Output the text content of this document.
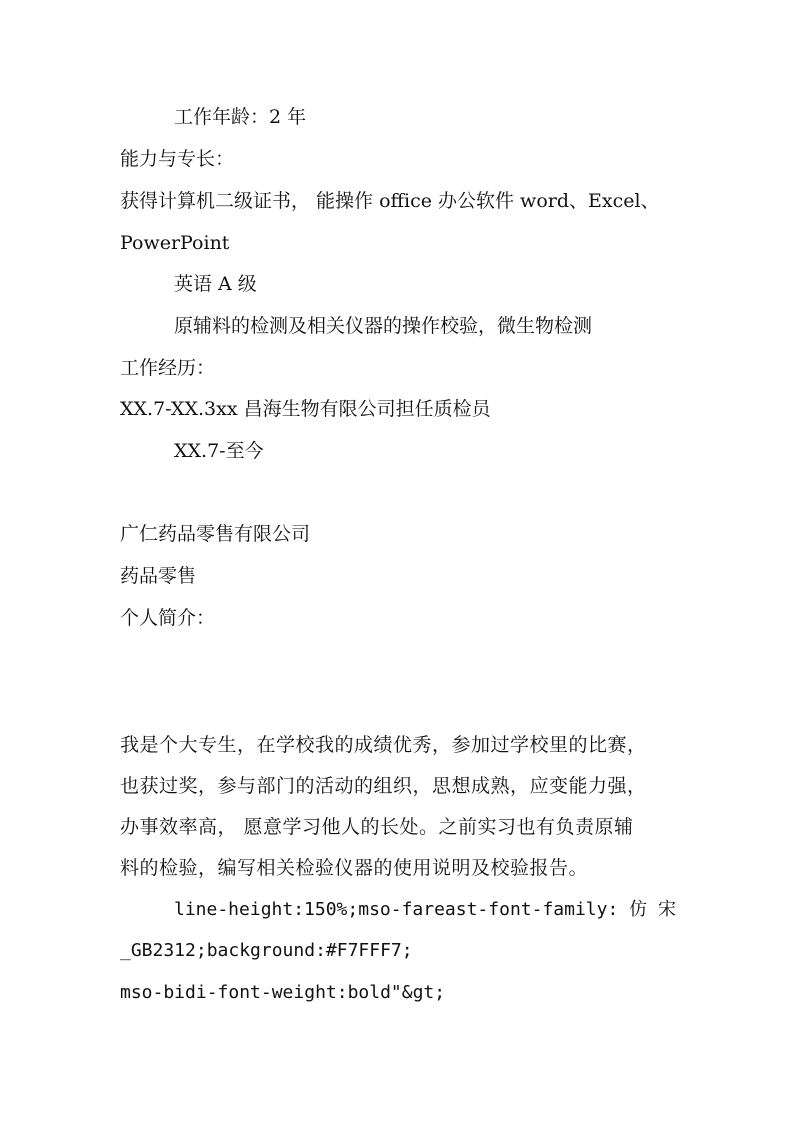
工作年龄：2 年
能力与专长：
获得计算机二级证书， 能操作 office 办公软件 word、Excel、
PowerPoint
英语 A 级
原辅料的检测及相关仪器的操作校验，微生物检测
工作经历：
XX.7-XX.3xx 昌海生物有限公司担任质检员
XX.7-至今
广仁药品零售有限公司
药品零售
个人简介：
我是个大专生，在学校我的成绩优秀，参加过学校里的比赛，
也获过奖，参与部门的活动的组织，思想成熟，应变能力强，
办事效率高， 愿意学习他人的长处。之前实习也有负责原辅
料的检验，编写相关检验仪器的使用说明及校验报告。
line-height:150%;mso-fareast-font-family: 仿 宋
_GB2312;background:#F7FFF7;
mso-bidi-font-weight:bold"&gt;
